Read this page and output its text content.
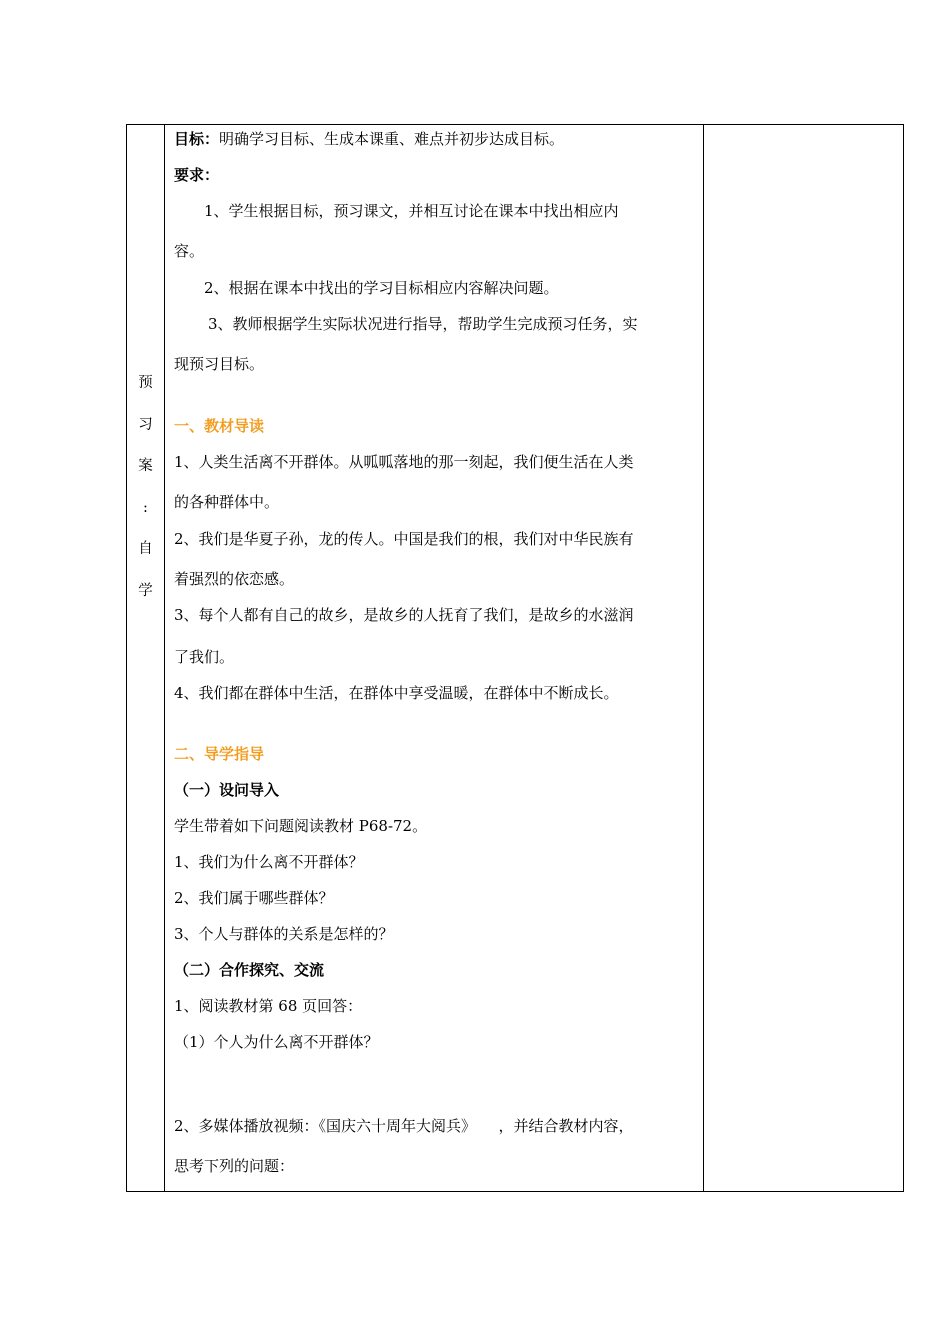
预
习
案
:
自
学
目标：明确学习目标、生成本课重、难点并初步达成目标。
要求：
1、学生根据目标，预习课文，并相互讨论在课本中找出相应内
容。
2、根据在课本中找出的学习目标相应内容解决问题。
3、教师根据学生实际状况进行指导，帮助学生完成预习任务，实
现预习目标。
一、教材导读
1、人类生活离不开群体。从呱呱落地的那一刻起，我们便生活在人类
的各种群体中。
2、我们是华夏子孙，龙的传人。中国是我们的根，我们对中华民族有
着强烈的依恋感。
3、每个人都有自己的故乡，是故乡的人抚育了我们，是故乡的水滋润
了我们。
4、我们都在群体中生活，在群体中享受温暖，在群体中不断成长。
二、导学指导
（一）设问导入
学生带着如下问题阅读教材 P68-72。
1、我们为什么离不开群体？
2、我们属于哪些群体？
3、个人与群体的关系是怎样的？
（二）合作探究、交流
1、阅读教材第 68 页回答：
（1）个人为什么离不开群体？
2、多媒体播放视频：《国庆六十周年大阅兵》　　，并结合教材内容，
思考下列的问题：
